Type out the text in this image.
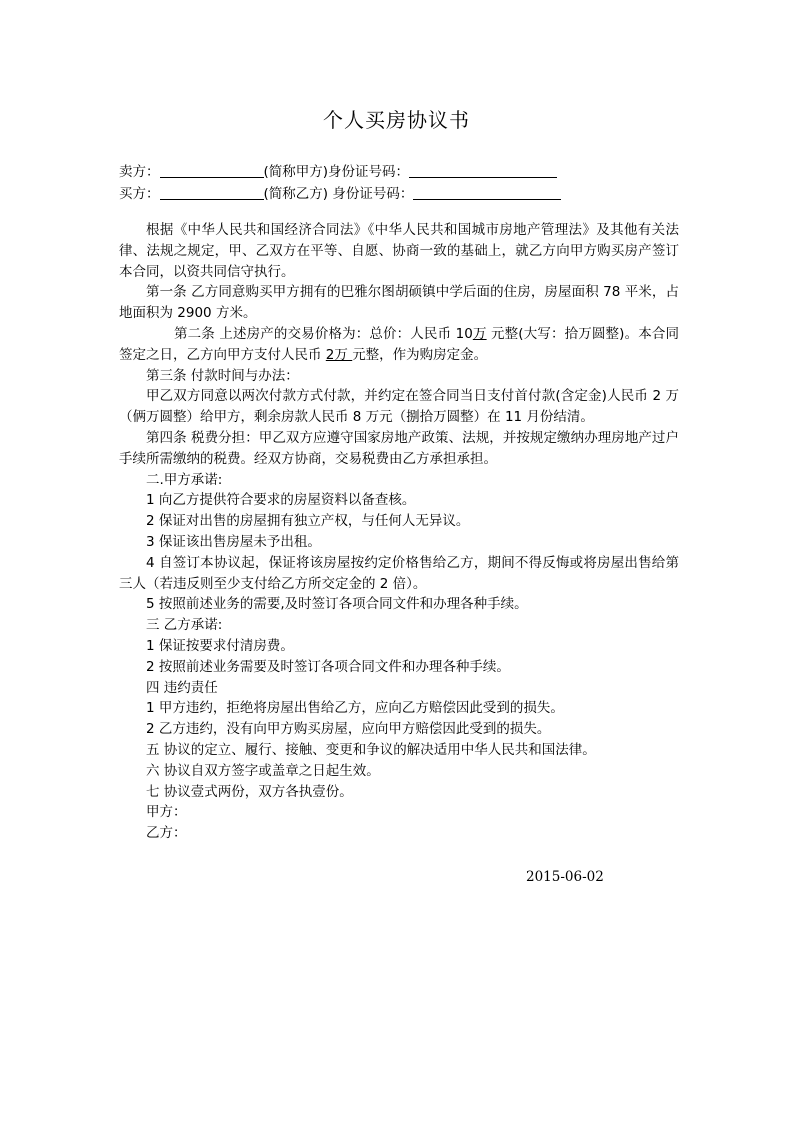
个人买房协议书
卖方：	(简称甲方)身份证号码：
买方：	(简称乙方) 身份证号码：

根据《中华人民共和国经济合同法》《中华人民共和国城市房地产管理法》及其他有关法律、法规之规定，甲、乙双方在平等、自愿、协商一致的基础上，就乙方向甲方购买房产签订本合同，以资共同信守执行。

第一条 乙方同意购买甲方拥有的巴雅尔图胡硕镇中学后面的住房，房屋面积 78 平米，占地面积为 2900 方米。

第二条 上述房产的交易价格为：总价：人民币 10万 元整(大写：拾万圆整)。本合同签定之日，乙方向甲方支付人民币 2万 元整，作为购房定金。

第三条 付款时间与办法：

甲乙双方同意以两次付款方式付款，并约定在签合同当日支付首付款(含定金)人民币 2 万（俩万圆整）给甲方，剩余房款人民币 8 万元（捌拾万圆整）在 11 月份结清。

第四条 税费分担：甲乙双方应遵守国家房地产政策、法规，并按规定缴纳办理房地产过户手续所需缴纳的税费。经双方协商，交易税费由乙方承担承担。

二.甲方承诺:

1 向乙方提供符合要求的房屋资料以备查核。

2 保证对出售的房屋拥有独立产权，与任何人无异议。

3 保证该出售房屋未予出租。

4 自签订本协议起，保证将该房屋按约定价格售给乙方，期间不得反悔或将房屋出售给第三人（若违反则至少支付给乙方所交定金的 2 倍）。

5 按照前述业务的需要,及时签订各项合同文件和办理各种手续。

三 乙方承诺:

1 保证按要求付清房费。

2 按照前述业务需要及时签订各项合同文件和办理各种手续。

四 违约责任

1 甲方违约，拒绝将房屋出售给乙方，应向乙方赔偿因此受到的损失。

2 乙方违约，没有向甲方购买房屋，应向甲方赔偿因此受到的损失。

五 协议的定立、履行、接触、变更和争议的解决适用中华人民共和国法律。

六 协议自双方签字或盖章之日起生效。

七 协议壹式两份，双方各执壹份。

甲方：

乙方：

2015-06-02
